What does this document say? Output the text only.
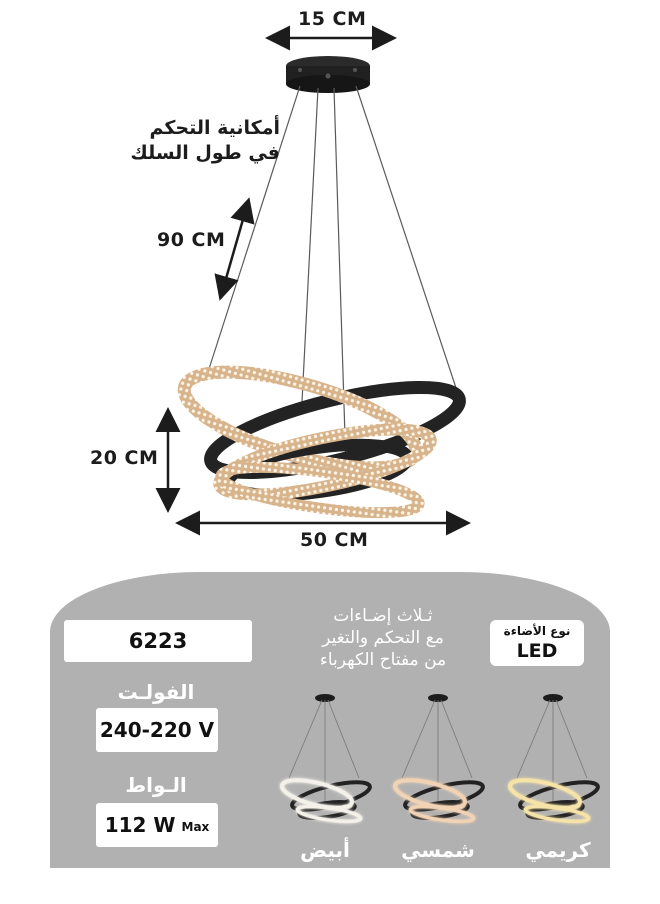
15 CM
90 CM
20 CM
50 CM
أمكانية التحكم
في طول السلك
6223
الفولـت
240-220 V
الـواط
112 W Max
ثـلاث إضـاءات
مع التحكم والتغير
من مفتاح الكهرباء
نوع الأضاءة
LED
أبيض	شمسي	كريمي
